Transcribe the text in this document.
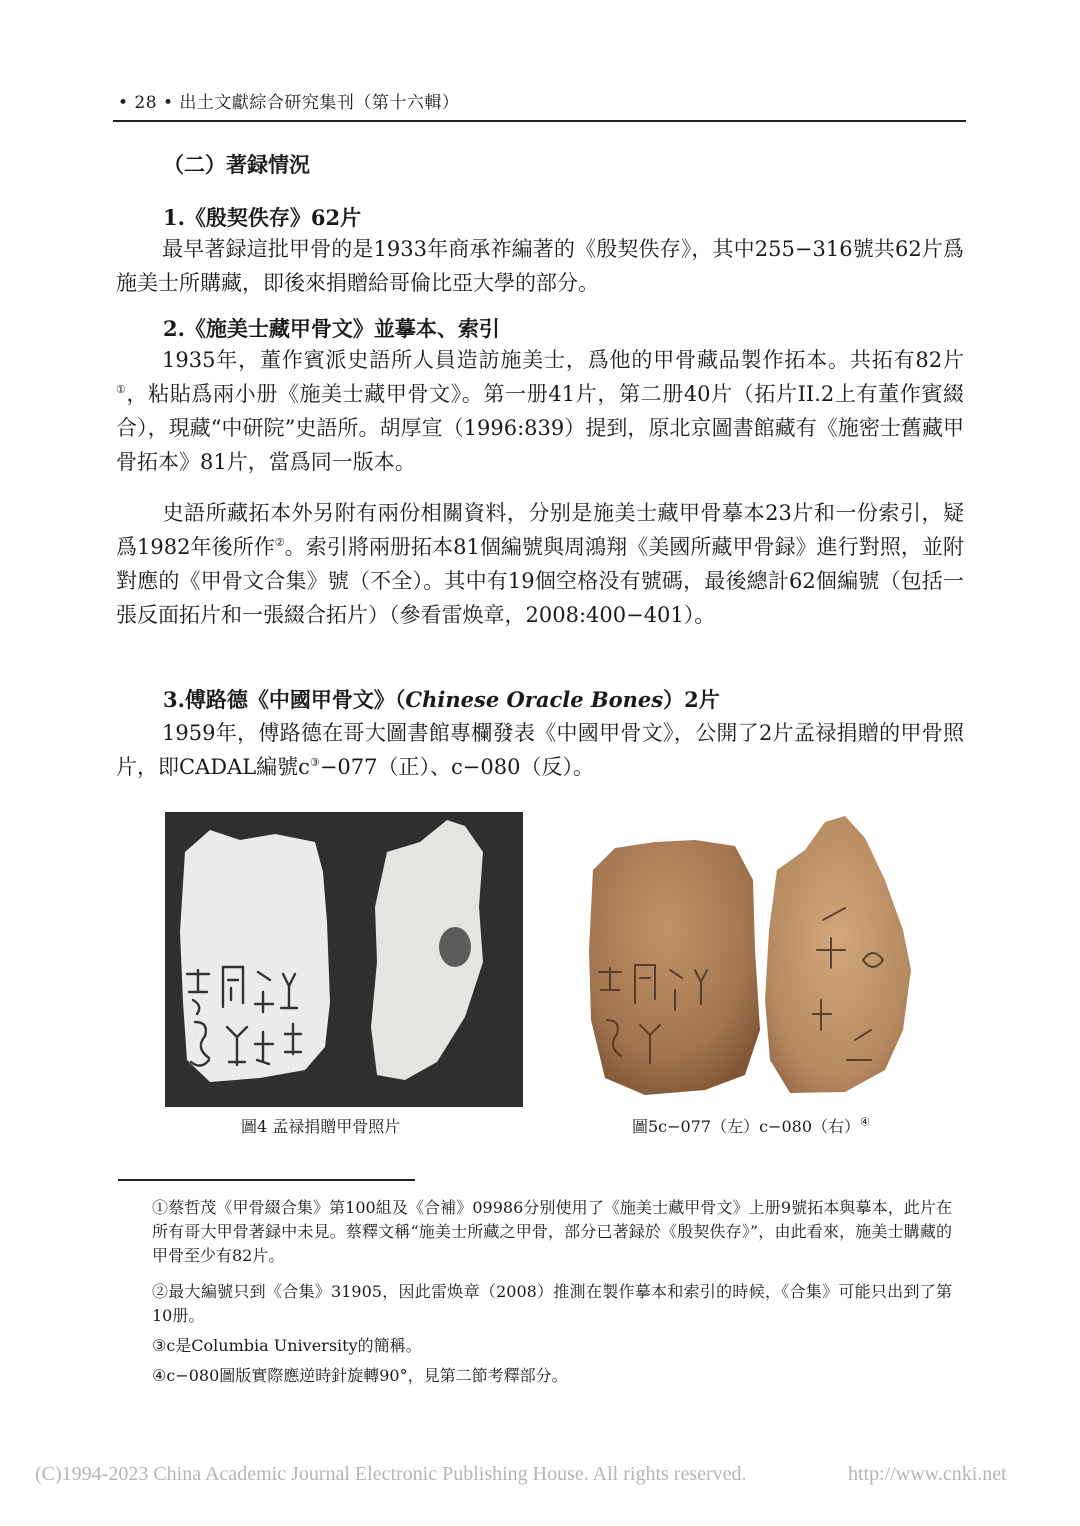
• 28 • 出土文獻綜合研究集刊（第十六輯）
（二）著録情況
1.《殷契佚存》62片
最早著録這批甲骨的是1933年商承祚編著的《殷契佚存》，其中255−316號共62片爲施美士所購藏，即後來捐贈給哥倫比亞大學的部分。
2.《施美士藏甲骨文》並摹本、索引
1935年，董作賓派史語所人員造訪施美士，爲他的甲骨藏品製作拓本。共拓有82片①，粘貼爲兩小册《施美士藏甲骨文》。第一册41片，第二册40片（拓片II.2上有董作賓綴合），現藏“中研院”史語所。胡厚宣（1996:839）提到，原北京圖書館藏有《施密士舊藏甲骨拓本》81片，當爲同一版本。
史語所藏拓本外另附有兩份相關資料，分别是施美士藏甲骨摹本23片和一份索引，疑爲1982年後所作②。索引將兩册拓本81個編號與周鴻翔《美國所藏甲骨録》進行對照，並附對應的《甲骨文合集》號（不全）。其中有19個空格没有號碼，最後總計62個編號（包括一張反面拓片和一張綴合拓片）（參看雷焕章，2008:400−401）。
3.傅路德《中國甲骨文》（Chinese Oracle Bones）2片
1959年，傅路德在哥大圖書館專欄發表《中國甲骨文》，公開了2片孟禄捐贈的甲骨照片，即CADAL編號c③−077（正）、c−080（反）。
圖4 孟禄捐贈甲骨照片	圖5c−077（左）c−080（右）④
①蔡哲茂《甲骨綴合集》第100組及《合補》09986分别使用了《施美士藏甲骨文》上册9號拓本與摹本，此片在所有哥大甲骨著録中未見。蔡釋文稱“施美士所藏之甲骨，部分已著録於《殷契佚存》”，由此看來，施美士購藏的甲骨至少有82片。
②最大編號只到《合集》31905，因此雷焕章（2008）推測在製作摹本和索引的時候，《合集》可能只出到了第10册。
③c是Columbia University的簡稱。
④c−080圖版實際應逆時針旋轉90°，見第二節考釋部分。
(C)1994-2023 China Academic Journal Electronic Publishing House. All rights reserved.	http://www.cnki.net
